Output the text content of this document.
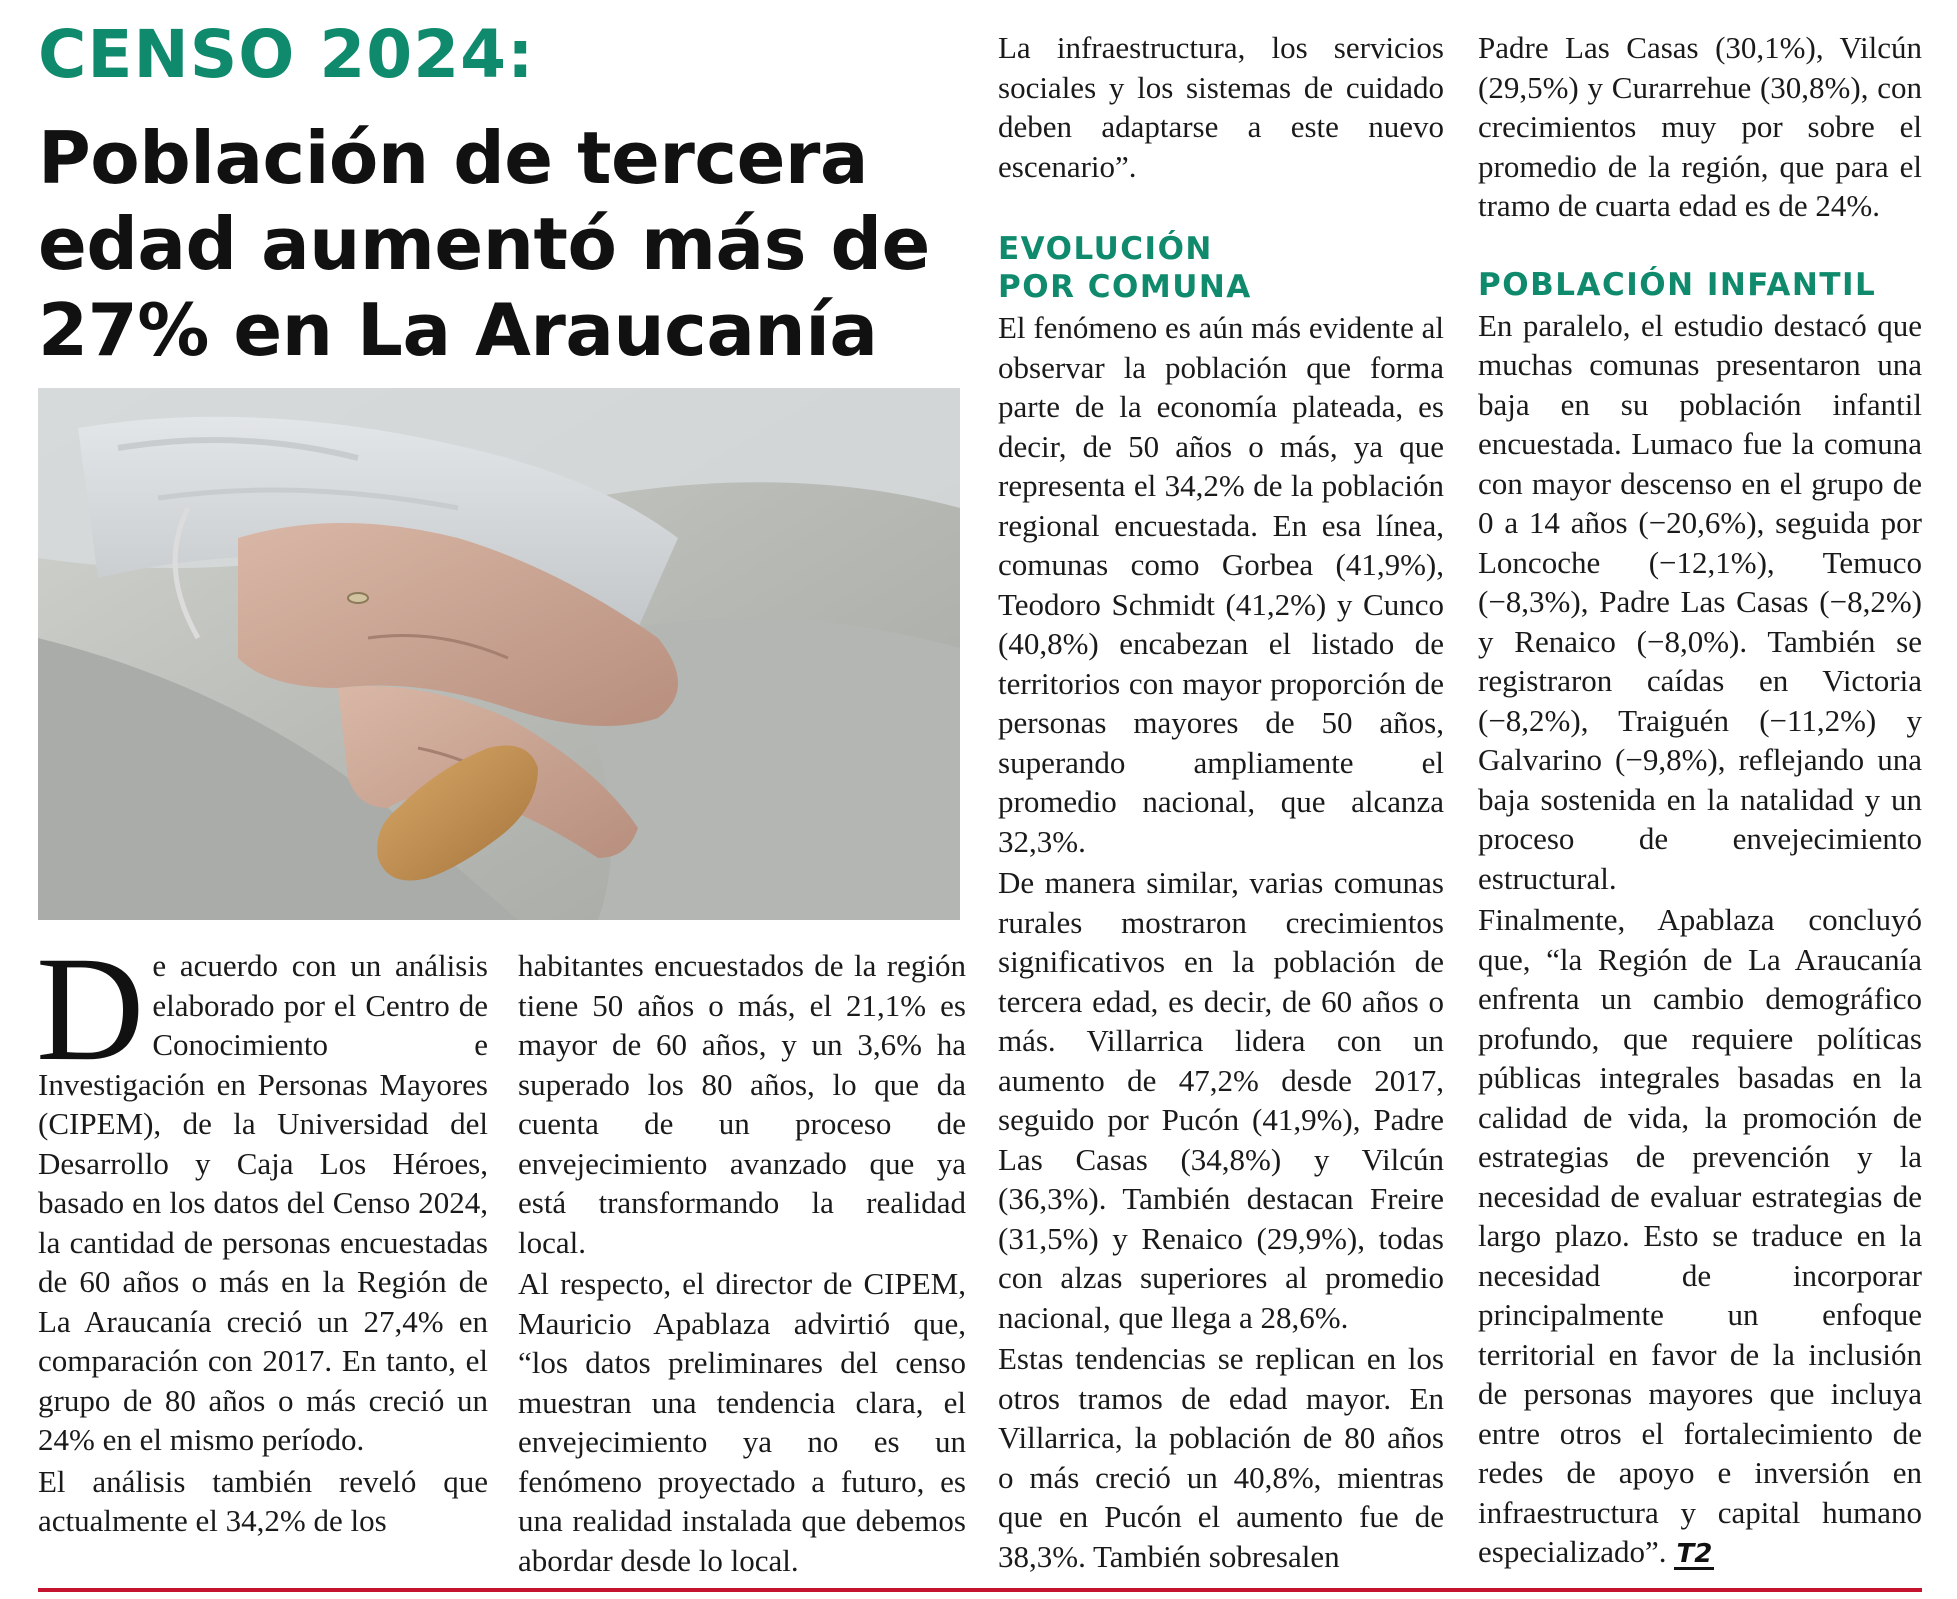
CENSO 2024:
Población de tercera
edad aumentó más de
27% en La Araucanía

D e acuerdo con un análisis elaborado por el Centro de Conocimiento e Investigación en Personas Mayores (CIPEM), de la Universidad del Desarrollo y Caja Los Héroes, basado en los datos del Censo 2024, la cantidad de personas encuestadas de 60 años o más en la Región de La Araucanía creció un 27,4% en comparación con 2017. En tanto, el grupo de 80 años o más creció un 24% en el mismo período.

El análisis también reveló que actualmente el 34,2% de los

habitantes encuestados de la región tiene 50 años o más, el 21,1% es mayor de 60 años, y un 3,6% ha superado los 80 años, lo que da cuenta de un proceso de envejecimiento avanzado que ya está transformando la realidad local.

Al respecto, el director de CIPEM, Mauricio Apablaza advirtió que, “los datos preliminares del censo muestran una tendencia clara, el envejecimiento ya no es un fenómeno proyectado a futuro, es una realidad instalada que debemos abordar desde lo local.

La infraestructura, los servicios sociales y los sistemas de cuidado deben adaptarse a este nuevo escenario”.

EVOLUCIÓN
POR COMUNA

El fenómeno es aún más evidente al observar la población que forma parte de la economía plateada, es decir, de 50 años o más, ya que representa el 34,2% de la población regional encuestada. En esa línea, comunas como Gorbea (41,9%), Teodoro Schmidt (41,2%) y Cunco (40,8%) encabezan el listado de territorios con mayor proporción de personas mayores de 50 años, superando ampliamente el promedio nacional, que alcanza 32,3%.

De manera similar, varias comunas rurales mostraron crecimientos significativos en la población de tercera edad, es decir, de 60 años o más. Villarrica lidera con un aumento de 47,2% desde 2017, seguido por Pucón (41,9%), Padre Las Casas (34,8%) y Vilcún (36,3%). También destacan Freire (31,5%) y Renaico (29,9%), todas con alzas superiores al promedio nacional, que llega a 28,6%.

Estas tendencias se replican en los otros tramos de edad mayor. En Villarrica, la población de 80 años o más creció un 40,8%, mientras que en Pucón el aumento fue de 38,3%. También sobresalen

Padre Las Casas (30,1%), Vilcún (29,5%) y Curarrehue (30,8%), con crecimientos muy por sobre el promedio de la región, que para el tramo de cuarta edad es de 24%.

POBLACIÓN INFANTIL

En paralelo, el estudio destacó que muchas comunas presentaron una baja en su población infantil encuestada. Lumaco fue la comuna con mayor descenso en el grupo de 0 a 14 años (−20,6%), seguida por Loncoche (−12,1%), Temuco (−8,3%), Padre Las Casas (−8,2%) y Renaico (−8,0%). También se registraron caídas en Victoria (−8,2%), Traiguén (−11,2%) y Galvarino (−9,8%), reflejando una baja sostenida en la natalidad y un proceso de envejecimiento estructural.

Finalmente, Apablaza concluyó que, “la Región de La Araucanía enfrenta un cambio demográfico profundo, que requiere políticas públicas integrales basadas en la calidad de vida, la promoción de estrategias de prevención y la necesidad de evaluar estrategias de largo plazo. Esto se traduce en la necesidad de incorporar principalmente un enfoque territorial en favor de la inclusión de personas mayores que incluya entre otros el fortalecimiento de redes de apoyo e inversión en infraestructura y capital humano especializado”. T2
